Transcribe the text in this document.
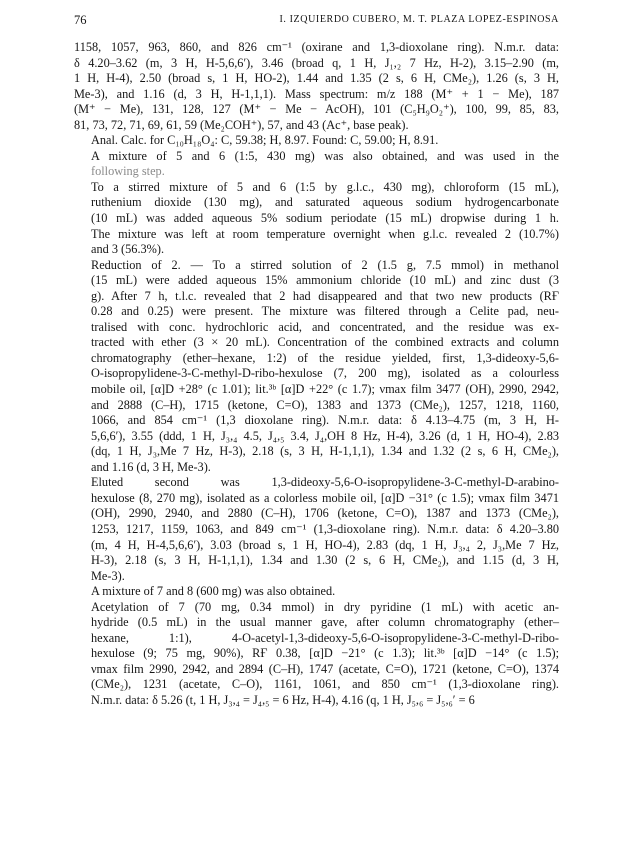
76	I. IZQUIERDO CUBERO, M. T. PLAZA LOPEZ-ESPINOSA
1158, 1057, 963, 860, and 826 cm⁻¹ (oxirane and 1,3-dioxolane ring). N.m.r. data:
δ 4.20–3.62 (m, 3 H, H-5,6,6′), 3.46 (broad q, 1 H, J₁,₂ 7 Hz, H-2), 3.15–2.90 (m,
1 H, H-4), 2.50 (broad s, 1 H, HO-2), 1.44 and 1.35 (2 s, 6 H, CMe₂), 1.26 (s, 3 H,
Me-3), and 1.16 (d, 3 H, H-1,1,1). Mass spectrum: m/z 188 (M⁺ + 1 − Me), 187
(M⁺ − Me), 131, 128, 127 (M⁺ − Me − AcOH), 101 (C₅H₉O₂⁺), 100, 99, 85, 83,
81, 73, 72, 71, 69, 61, 59 (Me₂COH⁺), 57, and 43 (Ac⁺, base peak).
Anal. Calc. for C₁₀H₁₈O₄: C, 59.38; H, 8.97. Found: C, 59.00; H, 8.91.
A mixture of 5 and 6 (1:5, 430 mg) was also obtained, and was used in the
following step.
To a stirred mixture of 5 and 6 (1:5 by g.l.c., 430 mg), chloroform (15 mL),
ruthenium dioxide (130 mg), and saturated aqueous sodium hydrogencarbonate
(10 mL) was added aqueous 5% sodium periodate (15 mL) dropwise during 1 h.
The mixture was left at room temperature overnight when g.l.c. revealed 2 (10.7%)
and 3 (56.3%).
Reduction of 2. — To a stirred solution of 2 (1.5 g, 7.5 mmol) in methanol
(15 mL) were added aqueous 15% ammonium chloride (10 mL) and zinc dust (3
g). After 7 h, t.l.c. revealed that 2 had disappeared and that two new products (RҒ
0.28 and 0.25) were present. The mixture was filtered through a Celite pad, neu-
tralised with conc. hydrochloric acid, and concentrated, and the residue was ex-
tracted with ether (3 × 20 mL). Concentration of the combined extracts and column
chromatography (ether–hexane, 1:2) of the residue yielded, first, 1,3-dideoxy-5,6-
O-isopropylidene-3-C-methyl-D-ribo-hexulose (7, 200 mg), isolated as a colourless
mobile oil, [α]D +28° (c 1.01); lit.³ᵇ [α]D +22° (c 1.7); νmax film 3477 (OH), 2990, 2942,
and 2888 (C–H), 1715 (ketone, C=O), 1383 and 1373 (CMe₂), 1257, 1218, 1160,
1066, and 854 cm⁻¹ (1,3 dioxolane ring). N.m.r. data: δ 4.13–4.75 (m, 3 H, H-
5,6,6′), 3.55 (ddd, 1 H, J₃,₄ 4.5, J₄,₅ 3.4, J₄,OH 8 Hz, H-4), 3.26 (d, 1 H, HO-4), 2.83
(dq, 1 H, J₃,Me 7 Hz, H-3), 2.18 (s, 3 H, H-1,1,1), 1.34 and 1.32 (2 s, 6 H, CMe₂),
and 1.16 (d, 3 H, Me-3).
Eluted second was 1,3-dideoxy-5,6-O-isopropylidene-3-C-methyl-D-arabino-
hexulose (8, 270 mg), isolated as a colorless mobile oil, [α]D −31° (c 1.5); νmax film 3471
(OH), 2990, 2940, and 2880 (C–H), 1706 (ketone, C=O), 1387 and 1373 (CMe₂),
1253, 1217, 1159, 1063, and 849 cm⁻¹ (1,3-dioxolane ring). N.m.r. data: δ 4.20–3.80
(m, 4 H, H-4,5,6,6′), 3.03 (broad s, 1 H, HO-4), 2.83 (dq, 1 H, J₃,₄ 2, J₃,Me 7 Hz,
H-3), 2.18 (s, 3 H, H-1,1,1), 1.34 and 1.30 (2 s, 6 H, CMe₂), and 1.15 (d, 3 H,
Me-3).
A mixture of 7 and 8 (600 mg) was also obtained.
Acetylation of 7 (70 mg, 0.34 mmol) in dry pyridine (1 mL) with acetic an-
hydride (0.5 mL) in the usual manner gave, after column chromatography (ether–
hexane, 1:1), 4-O-acetyl-1,3-dideoxy-5,6-O-isopropylidene-3-C-methyl-D-ribo-
hexulose (9; 75 mg, 90%), RҒ 0.38, [α]D −21° (c 1.3); lit.³ᵇ [α]D −14° (c 1.5);
νmax film 2990, 2942, and 2894 (C–H), 1747 (acetate, C=O), 1721 (ketone, C=O), 1374
(CMe₂), 1231 (acetate, C–O), 1161, 1061, and 850 cm⁻¹ (1,3-dioxolane ring).
N.m.r. data: δ 5.26 (t, 1 H, J₃,₄ = J₄,₅ = 6 Hz, H-4), 4.16 (q, 1 H, J₅,₆ = J₅,₆′ = 6
